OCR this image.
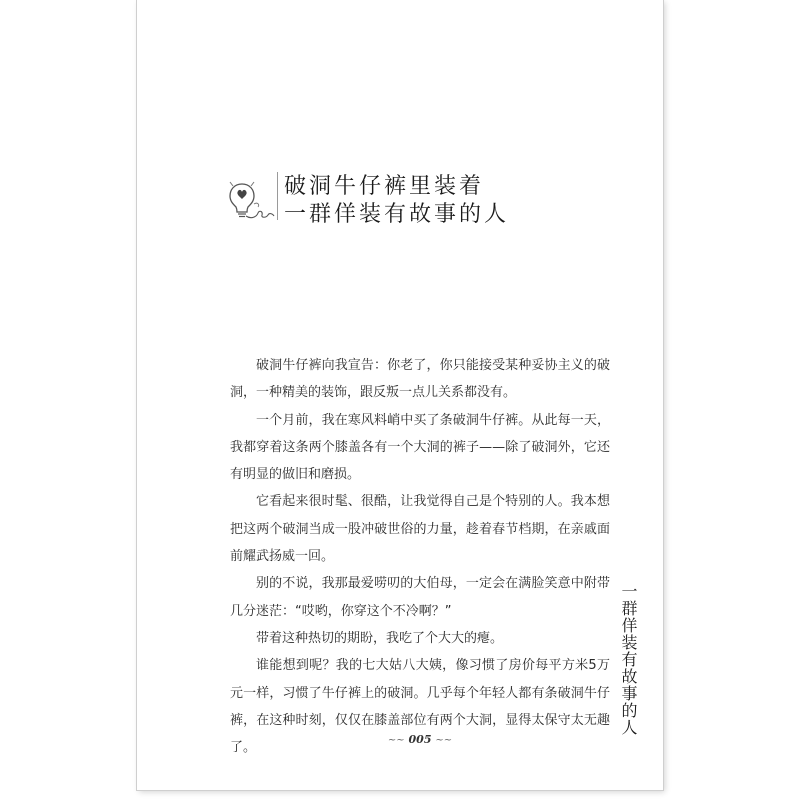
破洞牛仔裤里装着
一群佯装有故事的人

破洞牛仔裤向我宣告：你老了，你只能接受某种妥协主义的破洞，一种精美的装饰，跟反叛一点儿关系都没有。

一个月前，我在寒风料峭中买了条破洞牛仔裤。从此每一天，我都穿着这条两个膝盖各有一个大洞的裤子——除了破洞外，它还有明显的做旧和磨损。

它看起来很时髦、很酷，让我觉得自己是个特别的人。我本想把这两个破洞当成一股冲破世俗的力量，趁着春节档期，在亲戚面前耀武扬威一回。

别的不说，我那最爱唠叨的大伯母，一定会在满脸笑意中附带几分迷茫：“哎哟，你穿这个不冷啊？”

带着这种热切的期盼，我吃了个大大的瘪。

谁能想到呢？我的七大姑八大姨，像习惯了房价每平方米5万元一样，习惯了牛仔裤上的破洞。几乎每个年轻人都有条破洞牛仔裤，在这种时刻，仅仅在膝盖部位有两个大洞，显得太保守太无趣了。

一群佯装有故事的人
~~ 005 ~~
